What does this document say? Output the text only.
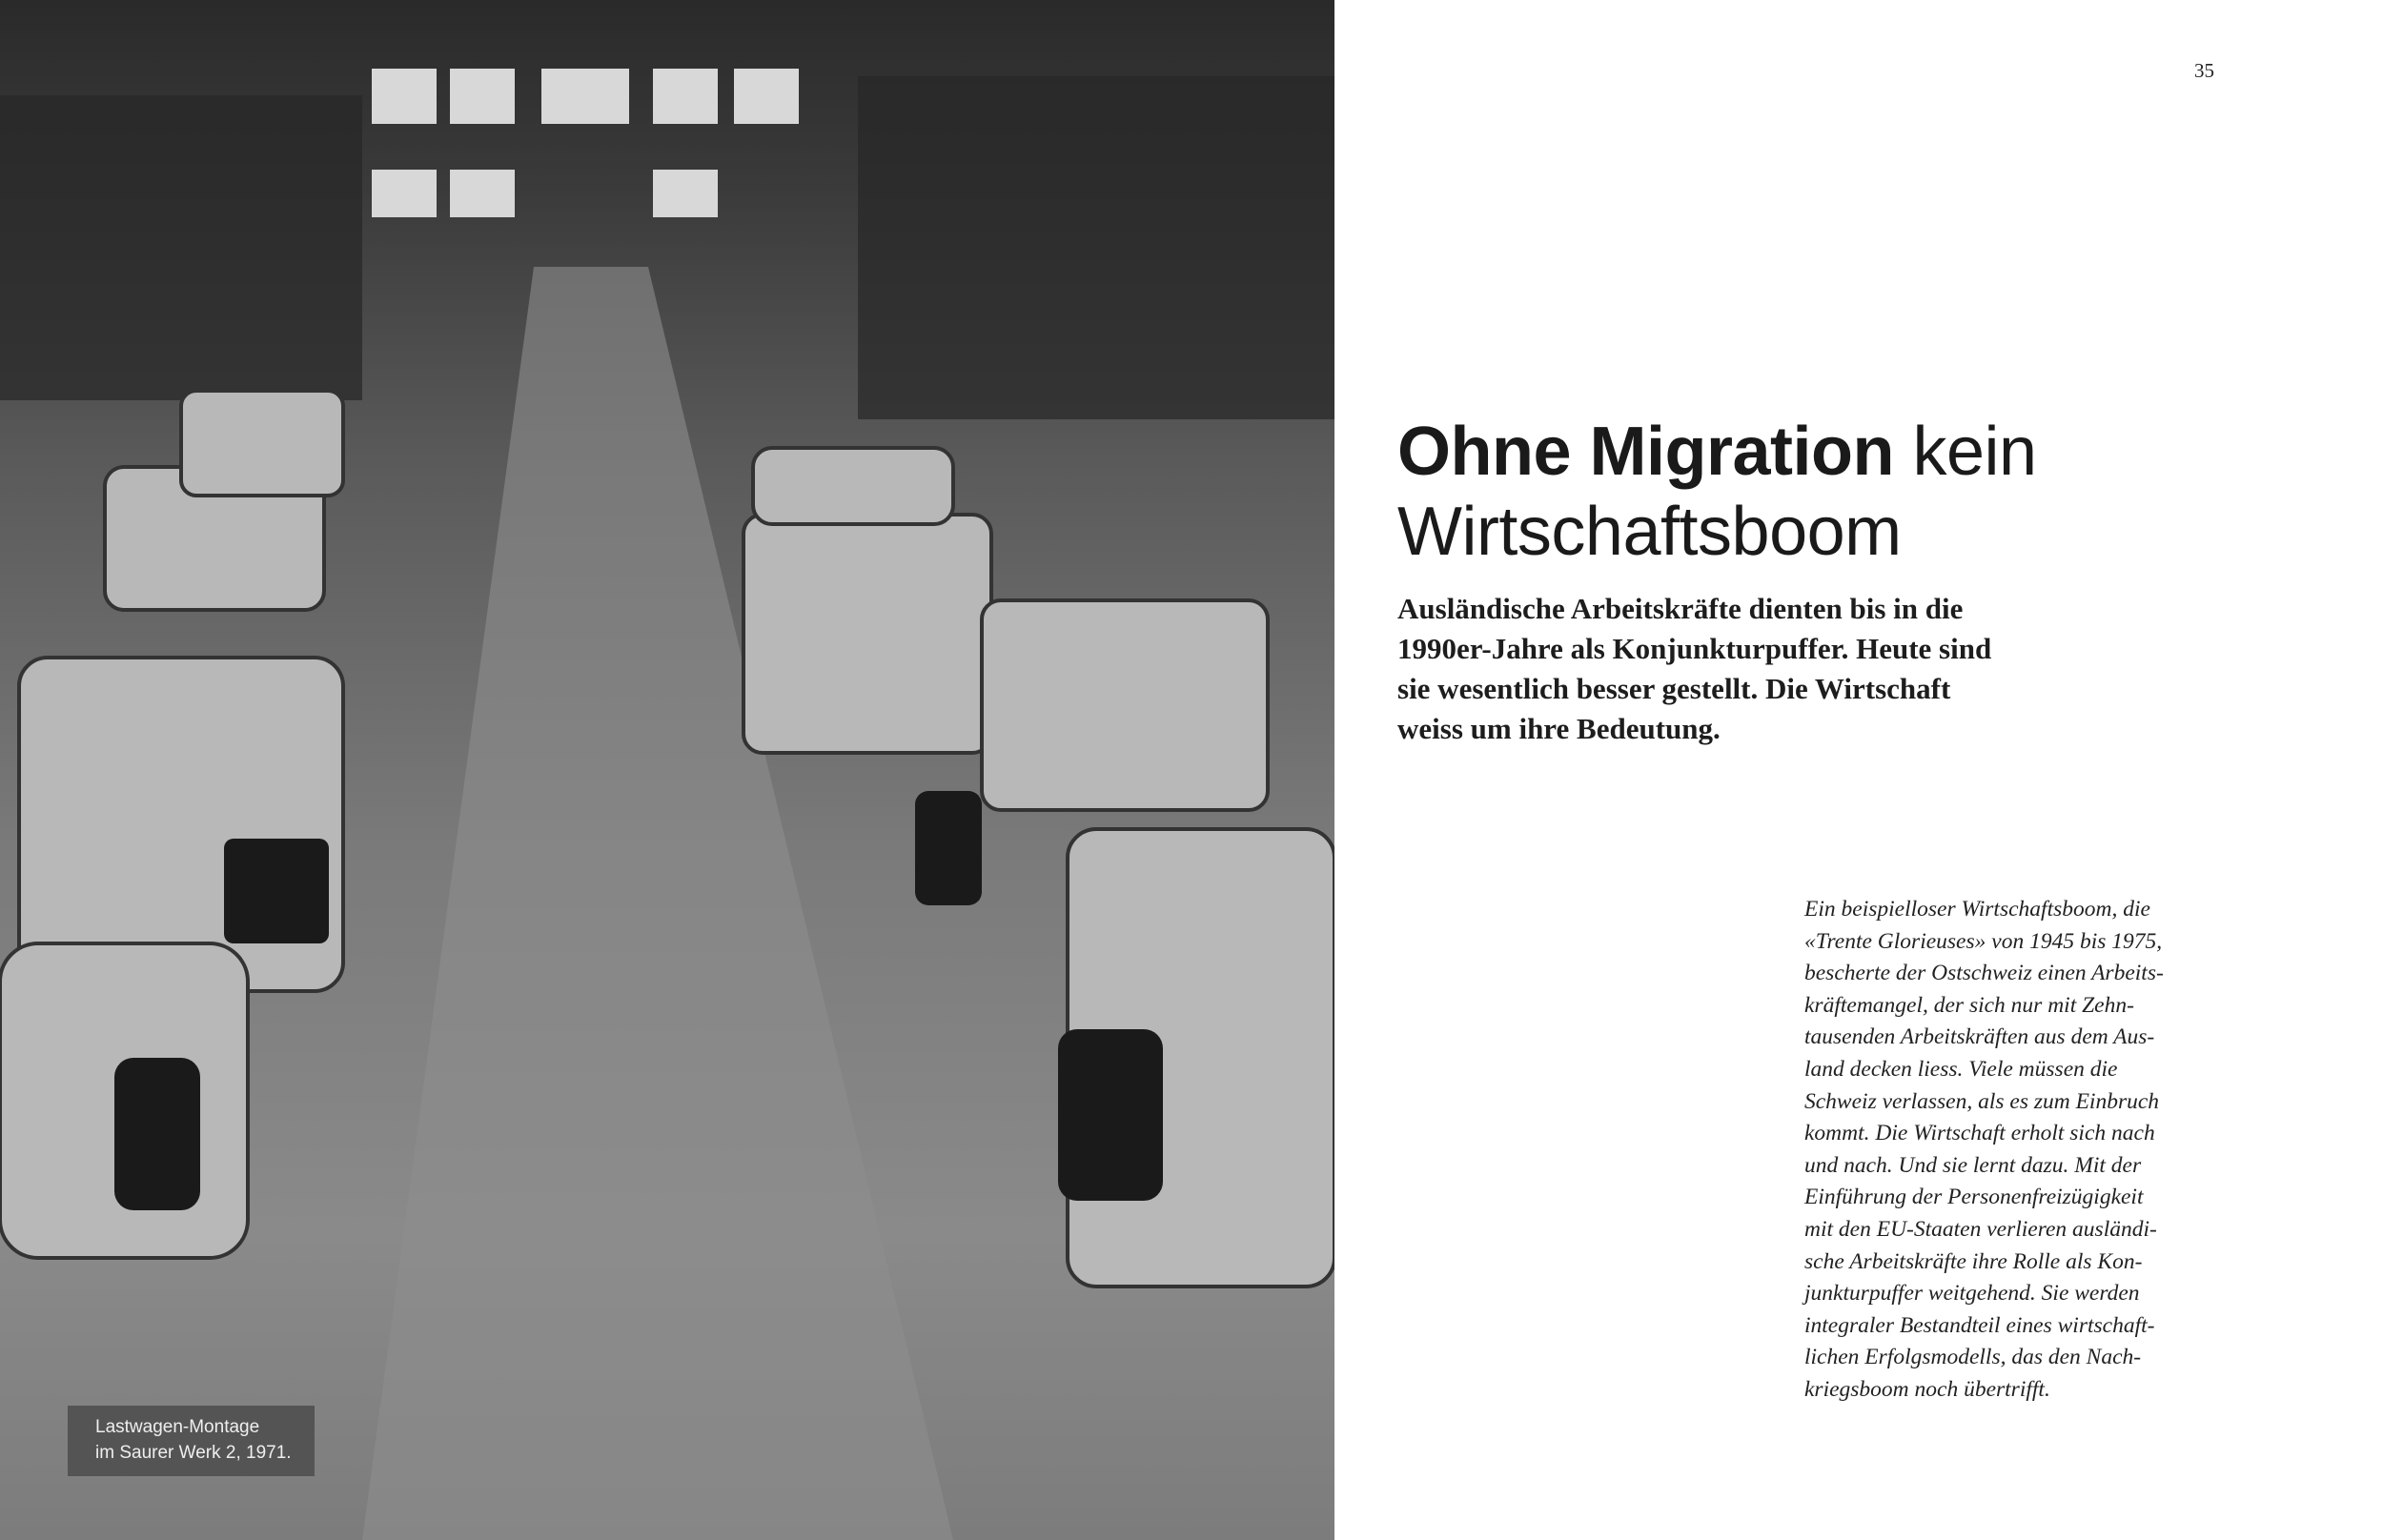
Lastwagen-Montage
im Saurer Werk 2, 1971.
35
Ohne Migration kein
Wirtschaftsboom
Ausländische Arbeitskräfte dienten bis in die
1990er-Jahre als Konjunkturpuffer. Heute sind
sie wesentlich besser gestellt. Die Wirtschaft
weiss um ihre Bedeutung.
Ein beispielloser Wirtschaftsboom, die
«Trente Glorieuses» von 1945 bis 1975,
bescherte der Ostschweiz einen Arbeits-
kräftemangel, der sich nur mit Zehn-
tausenden Arbeitskräften aus dem Aus-
land decken liess. Viele müssen die
Schweiz verlassen, als es zum Einbruch
kommt. Die Wirtschaft erholt sich nach
und nach. Und sie lernt dazu. Mit der
Einführung der Personenfreizügigkeit
mit den EU-Staaten verlieren ausländi-
sche Arbeitskräfte ihre Rolle als Kon-
junkturpuffer weitgehend. Sie werden
integraler Bestandteil eines wirtschaft-
lichen Erfolgsmodells, das den Nach-
kriegsboom noch übertrifft.
